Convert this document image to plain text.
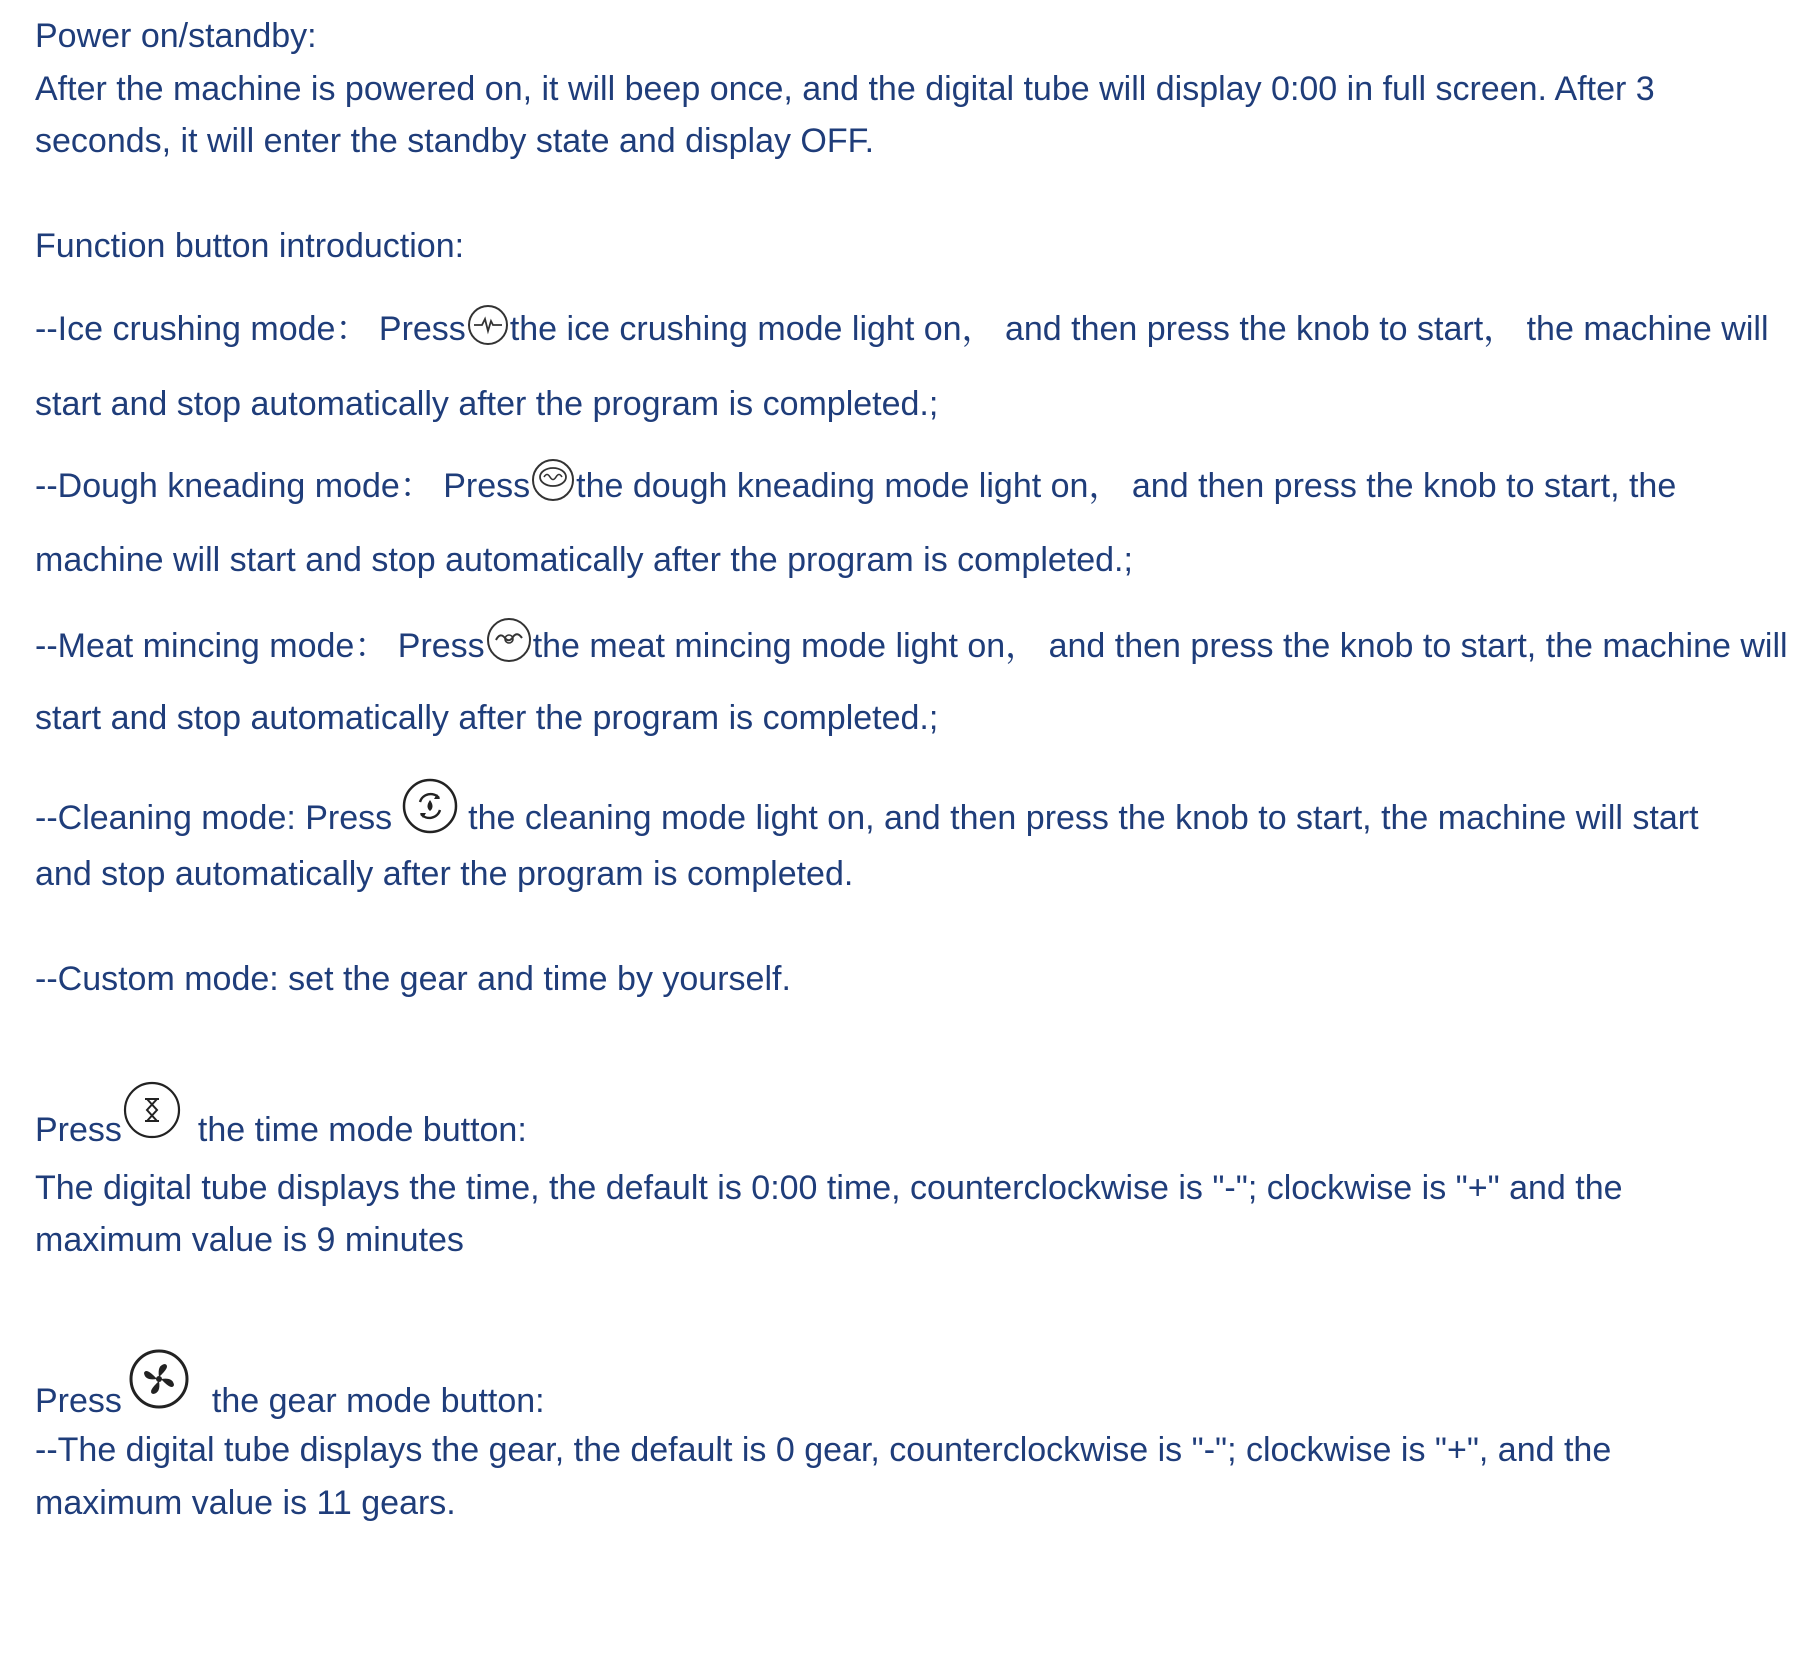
Power on/standby:
After the machine is powered on, it will beep once, and the digital tube will display 0:00 in full screen. After 3
seconds, it will enter the standby state and display OFF.
Function button introduction:
--Ice crushing mode： Press the ice crushing mode light on， and then press the knob to start， the machine will
start and stop automatically after the program is completed.;
--Dough kneading mode： Press the dough kneading mode light on， and then press the knob to start, the
machine will start and stop automatically after the program is completed.;
--Meat mincing mode： Press the meat mincing mode light on， and then press the knob to start, the machine will
start and stop automatically after the program is completed.;
--Cleaning mode: Press the cleaning mode light on, and then press the knob to start, the machine will start
and stop automatically after the program is completed.
--Custom mode: set the gear and time by yourself.
Press the time mode button:
The digital tube displays the time, the default is 0:00 time, counterclockwise is "-"; clockwise is "+" and the
maximum value is 9 minutes
Press	the gear mode button:
--The digital tube displays the gear, the default is 0 gear, counterclockwise is "-"; clockwise is "+", and the
maximum value is 11 gears.
